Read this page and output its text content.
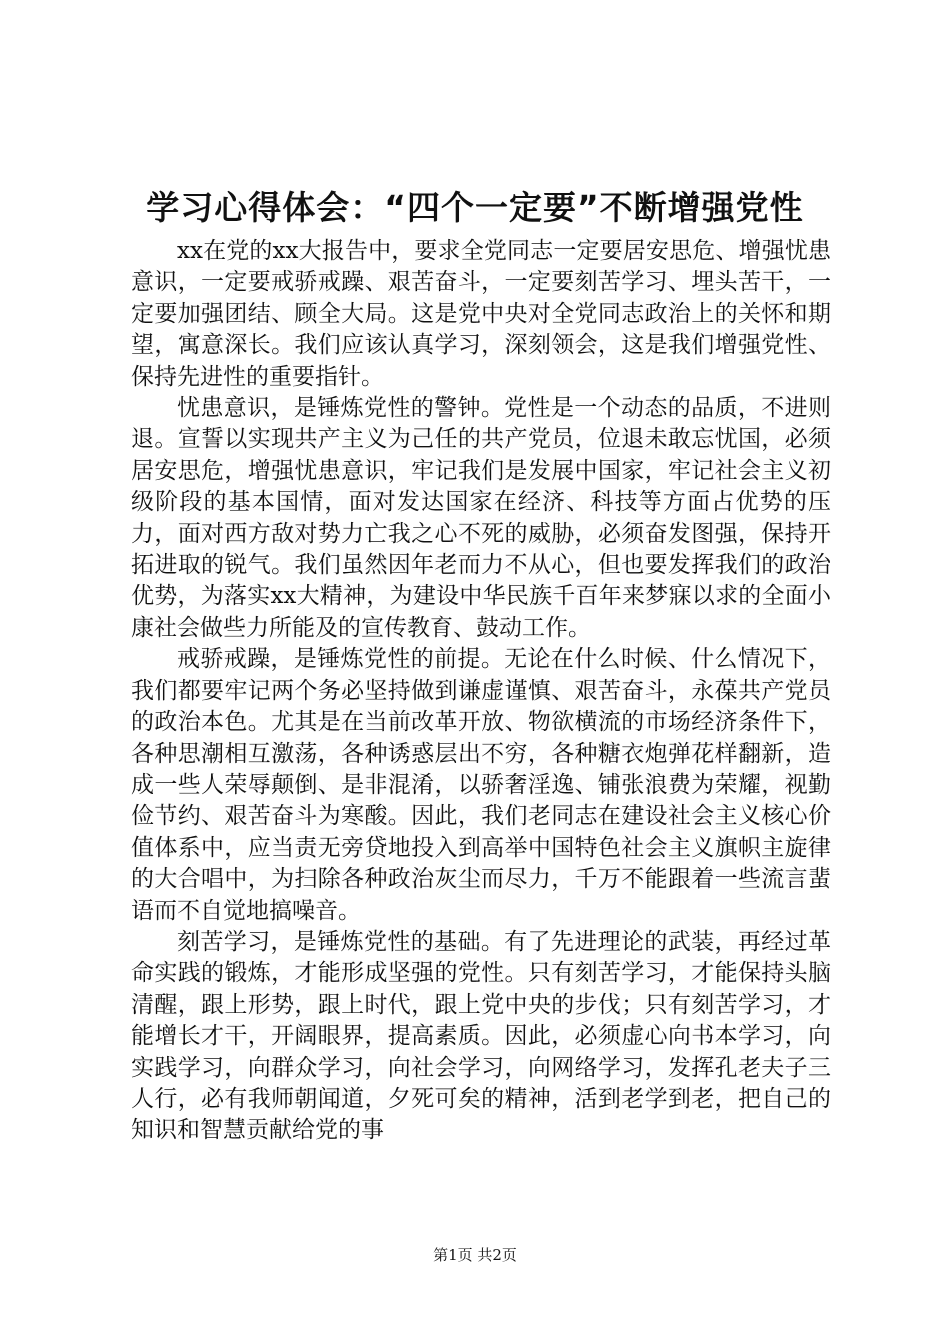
学习心得体会：“四个一定要”不断增强党性

xx在党的xx大报告中，要求全党同志一定要居安思危、增强忧患意识，一定要戒骄戒躁、艰苦奋斗，一定要刻苦学习、埋头苦干，一定要加强团结、顾全大局。这是党中央对全党同志政治上的关怀和期望，寓意深长。我们应该认真学习，深刻领会，这是我们增强党性、保持先进性的重要指针。

忧患意识，是锤炼党性的警钟。党性是一个动态的品质，不进则退。宣誓以实现共产主义为己任的共产党员，位退未敢忘忧国，必须居安思危，增强忧患意识，牢记我们是发展中国家，牢记社会主义初级阶段的基本国情，面对发达国家在经济、科技等方面占优势的压力，面对西方敌对势力亡我之心不死的威胁，必须奋发图强，保持开拓进取的锐气。我们虽然因年老而力不从心，但也要发挥我们的政治优势，为落实xx大精神，为建设中华民族千百年来梦寐以求的全面小康社会做些力所能及的宣传教育、鼓动工作。

戒骄戒躁，是锤炼党性的前提。无论在什么时候、什么情况下，我们都要牢记两个务必坚持做到谦虚谨慎、艰苦奋斗，永葆共产党员的政治本色。尤其是在当前改革开放、物欲横流的市场经济条件下，各种思潮相互激荡，各种诱惑层出不穷，各种糖衣炮弹花样翻新，造成一些人荣辱颠倒、是非混淆，以骄奢淫逸、铺张浪费为荣耀，视勤俭节约、艰苦奋斗为寒酸。因此，我们老同志在建设社会主义核心价值体系中，应当责无旁贷地投入到高举中国特色社会主义旗帜主旋律的大合唱中，为扫除各种政治灰尘而尽力，千万不能跟着一些流言蜚语而不自觉地搞噪音。

刻苦学习，是锤炼党性的基础。有了先进理论的武装，再经过革命实践的锻炼，才能形成坚强的党性。只有刻苦学习，才能保持头脑清醒，跟上形势，跟上时代，跟上党中央的步伐；只有刻苦学习，才能增长才干，开阔眼界，提高素质。因此，必须虚心向书本学习，向实践学习，向群众学习，向社会学习，向网络学习，发挥孔老夫子三人行，必有我师朝闻道，夕死可矣的精神，活到老学到老，把自己的知识和智慧贡献给党的事

第1页 共2页
